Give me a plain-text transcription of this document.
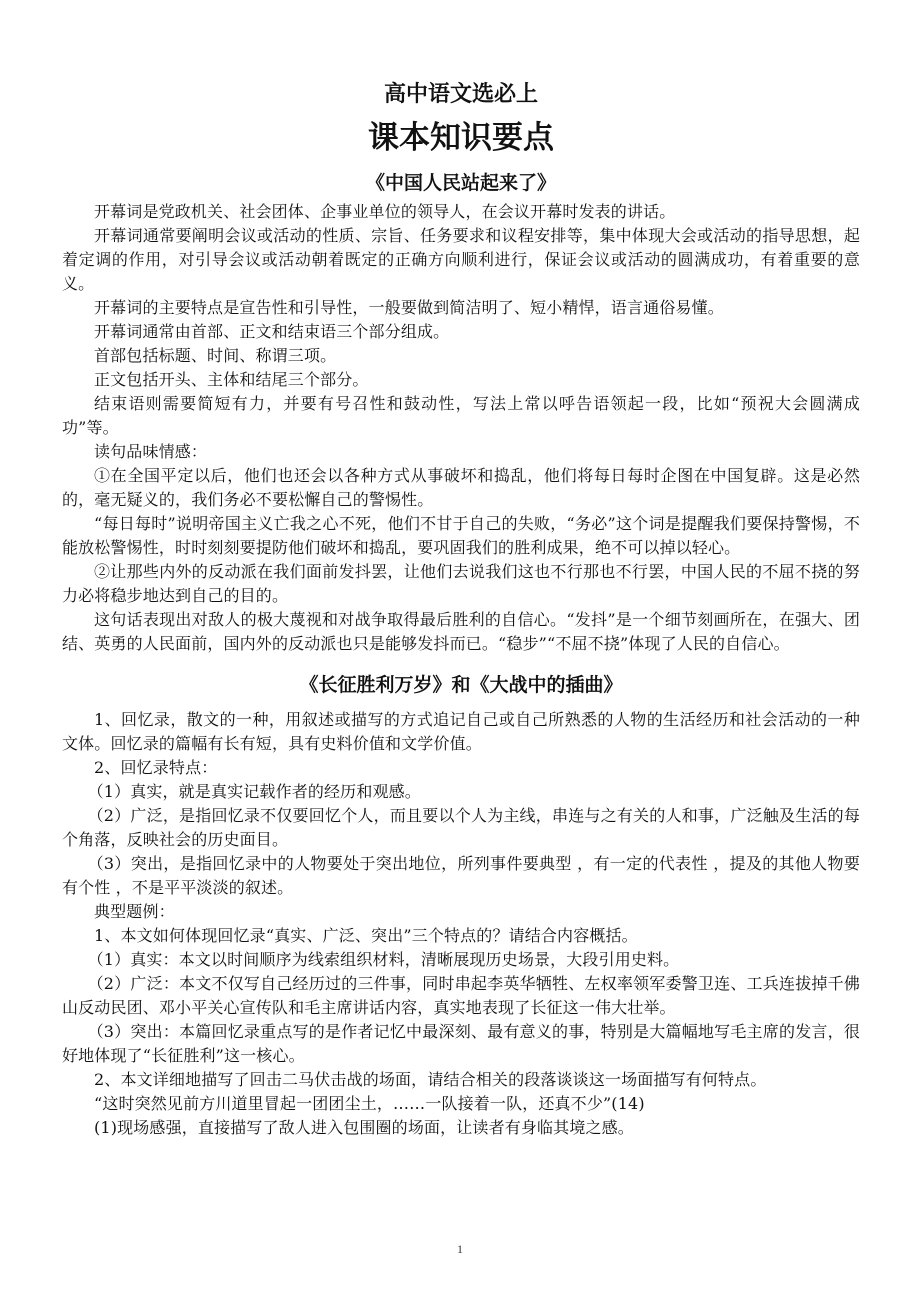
高中语文选必上
课本知识要点
《中国人民站起来了》

开幕词是党政机关、社会团体、企事业单位的领导人，在会议开幕时发表的讲话。

开幕词通常要阐明会议或活动的性质、宗旨、任务要求和议程安排等，集中体现大会或活动的指导思想，起着定调的作用，对引导会议或活动朝着既定的正确方向顺利进行，保证会议或活动的圆满成功，有着重要的意义。

开幕词的主要特点是宣告性和引导性，一般要做到简洁明了、短小精悍，语言通俗易懂。

开幕词通常由首部、正文和结束语三个部分组成。

首部包括标题、时间、称谓三项。

正文包括开头、主体和结尾三个部分。

结束语则需要简短有力，并要有号召性和鼓动性，写法上常以呼告语领起一段，比如“预祝大会圆满成功”等。

读句品味情感：

①在全国平定以后，他们也还会以各种方式从事破坏和捣乱，他们将每日每时企图在中国复辟。这是必然的，毫无疑义的，我们务必不要松懈自己的警惕性。

“每日每时”说明帝国主义亡我之心不死，他们不甘于自己的失败，“务必”这个词是提醒我们要保持警惕，不能放松警惕性，时时刻刻要提防他们破坏和捣乱，要巩固我们的胜利成果，绝不可以掉以轻心。

②让那些内外的反动派在我们面前发抖罢，让他们去说我们这也不行那也不行罢，中国人民的不屈不挠的努力必将稳步地达到自己的目的。

这句话表现出对敌人的极大蔑视和对战争取得最后胜利的自信心。“发抖”是一个细节刻画所在，在强大、团结、英勇的人民面前，国内外的反动派也只是能够发抖而已。“稳步”“不屈不挠”体现了人民的自信心。

《长征胜利万岁》和《大战中的插曲》

1、回忆录，散文的一种，用叙述或描写的方式追记自己或自己所熟悉的人物的生活经历和社会活动的一种文体。回忆录的篇幅有长有短，具有史料价值和文学价值。

2、回忆录特点：

（1）真实，就是真实记载作者的经历和观感。

（2）广泛，是指回忆录不仅要回忆个人，而且要以个人为主线，串连与之有关的人和事，广泛触及生活的每个角落，反映社会的历史面目。

（3）突出，是指回忆录中的人物要处于突出地位，所列事件要典型 ，有一定的代表性 ，提及的其他人物要有个性 ，不是平平淡淡的叙述。

典型题例：

1、本文如何体现回忆录“真实、广泛、突出”三个特点的？请结合内容概括。

（1）真实：本文以时间顺序为线索组织材料，清晰展现历史场景，大段引用史料。

（2）广泛：本文不仅写自己经历过的三件事，同时串起李英华牺牲、左权率领军委警卫连、工兵连拔掉千佛山反动民团、邓小平关心宣传队和毛主席讲话内容，真实地表现了长征这一伟大壮举。

（3）突出：本篇回忆录重点写的是作者记忆中最深刻、最有意义的事，特别是大篇幅地写毛主席的发言，很好地体现了“长征胜利”这一核心。

2、本文详细地描写了回击二马伏击战的场面，请结合相关的段落谈谈这一场面描写有何特点。

“这时突然见前方川道里冒起一团团尘土，……一队接着一队，还真不少”(14)

(1)现场感强，直接描写了敌人进入包围圈的场面，让读者有身临其境之感。

1
